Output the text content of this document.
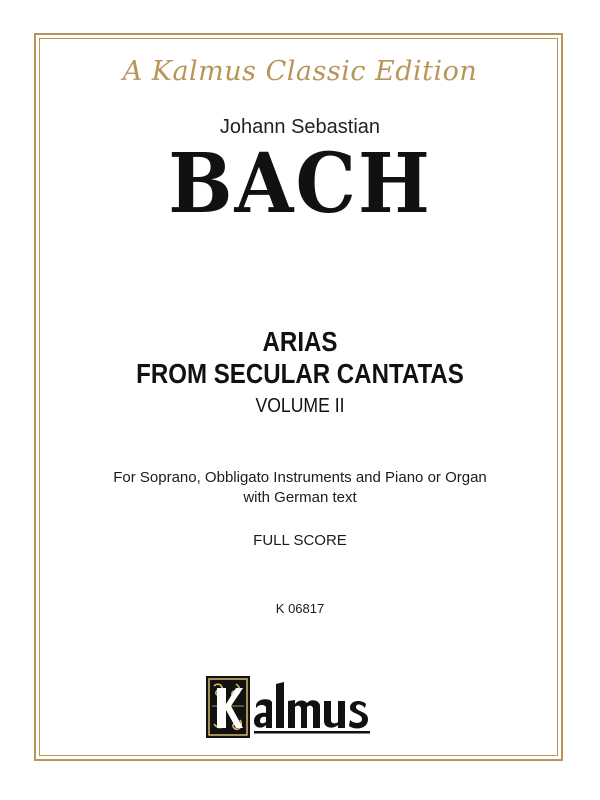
A Kalmus Classic Edition
Johann Sebastian
BACH
ARIAS
FROM SECULAR CANTATAS
VOLUME II
For Soprano, Obbligato Instruments and Piano or Organ
with German text
FULL SCORE
K 06817
